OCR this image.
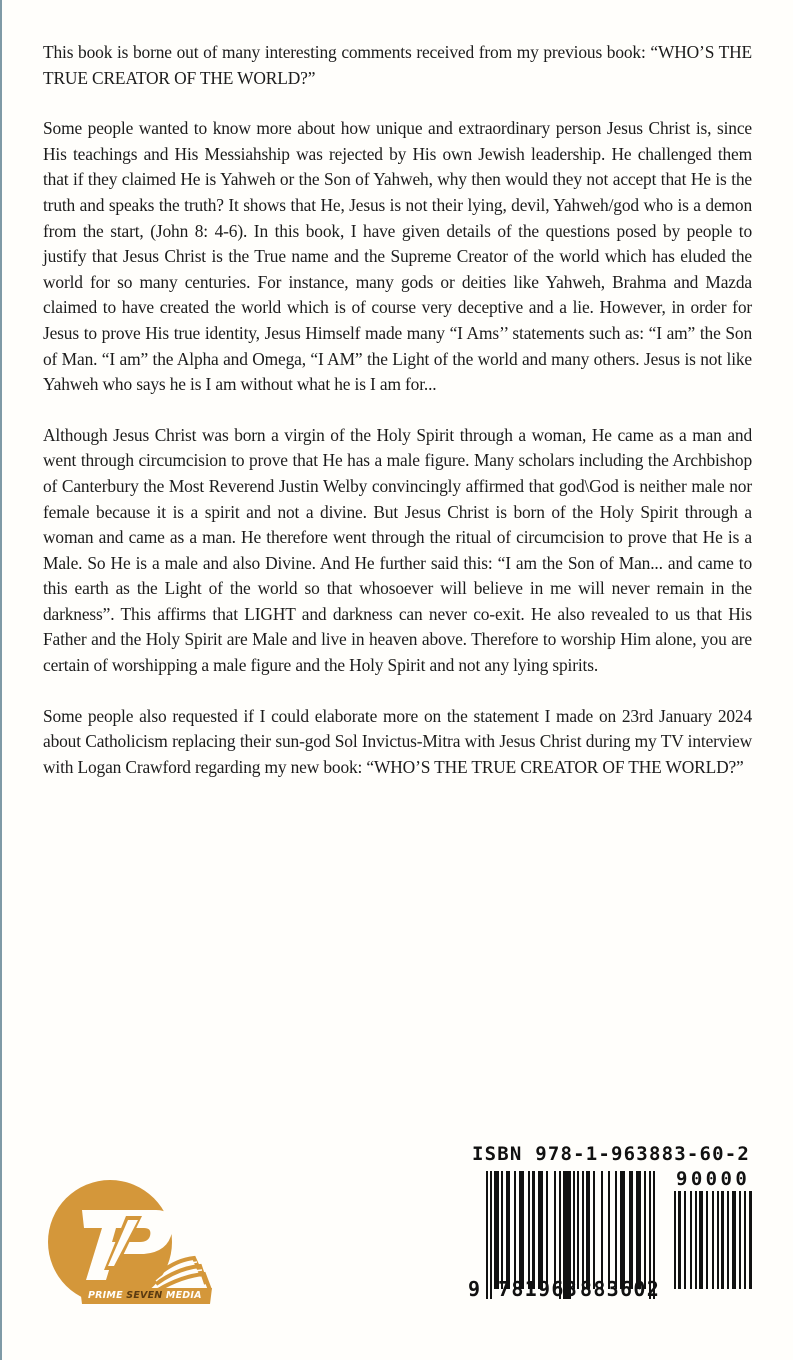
This book is borne out of many interesting comments received from my previous book: “WHO’S THE TRUE CREATOR OF THE WORLD?”

Some people wanted to know more about how unique and extraordinary person Jesus Christ is, since His teachings and His Messiahship was rejected by His own Jewish leadership. He challenged them that if they claimed He is Yahweh or the Son of Yahweh, why then would they not accept that He is the truth and speaks the truth? It shows that He, Jesus is not their lying, devil, Yahweh/god who is a demon from the start, (John 8: 4-6). In this book, I have given details of the questions posed by people to justify that Jesus Christ is the True name and the Supreme Creator of the world which has eluded the world for so many centuries. For instance, many gods or deities like Yahweh, Brahma and Mazda claimed to have created the world which is of course very deceptive and a lie. However, in order for Jesus to prove His true identity, Jesus Himself made many “I Ams’’ statements such as: “I am” the Son of Man. “I am” the Alpha and Omega, “I AM” the Light of the world and many others. Jesus is not like Yahweh who says he is I am without what he is I am for...

Although Jesus Christ was born a virgin of the Holy Spirit through a woman, He came as a man and went through circumcision to prove that He has a male figure. Many scholars including the Archbishop of Canterbury the Most Reverend Justin Welby convincingly affirmed that god\God is neither male nor female because it is a spirit and not a divine. But Jesus Christ is born of the Holy Spirit through a woman and came as a man. He therefore went through the ritual of circumcision to prove that He is a Male. So He is a male and also Divine. And He further said this: “I am the Son of Man... and came to this earth as the Light of the world so that whosoever will believe in me will never remain in the darkness”. This affirms that LIGHT and darkness can never co-exit. He also revealed to us that His Father and the Holy Spirit are Male and live in heaven above. Therefore to worship Him alone, you are certain of worshipping a male figure and the Holy Spirit and not any lying spirits.

Some people also requested if I could elaborate more on the statement I made on 23rd January 2024 about Catholicism replacing their sun-god Sol Invictus-Mitra with Jesus Christ during my TV interview with Logan Crawford regarding my new book: “WHO’S THE TRUE CREATOR OF THE WORLD?”

PRIME SEVEN MEDIA
ISBN 978-1-963883-60-2
90000
9 781963 883602
